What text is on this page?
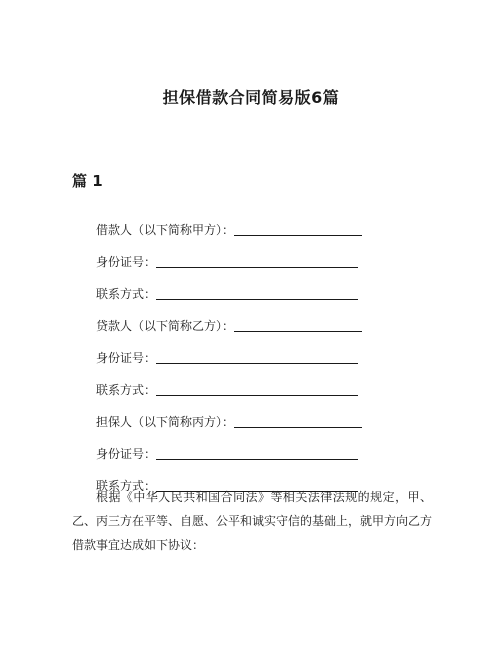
担保借款合同简易版6篇
篇 1
借款人（以下简称甲方）：
身份证号：
联系方式：
贷款人（以下简称乙方）：
身份证号：
联系方式：
担保人（以下简称丙方）：
身份证号：
联系方式：

根据《中华人民共和国合同法》等相关法律法规的规定，甲、乙、丙三方在平等、自愿、公平和诚实守信的基础上，就甲方向乙方借款事宜达成如下协议：
